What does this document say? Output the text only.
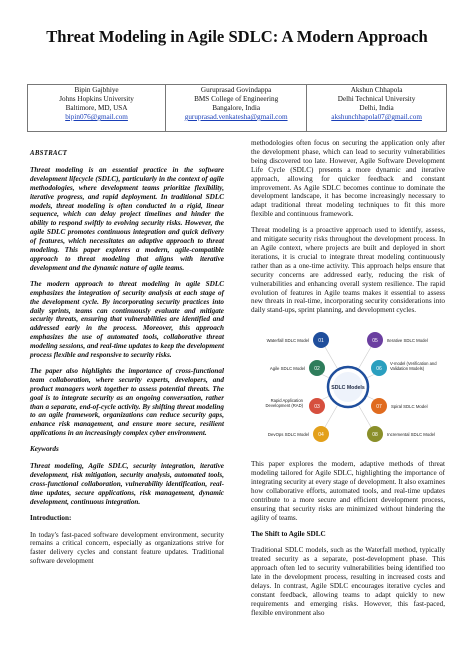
Threat Modeling in Agile SDLC: A Modern Approach
Bipin Gajbhiye
Johns Hopkins University
Baltimore, MD, USA
bipin076@gmail.com

Guruprasad Govindappa
BMS College of Engineering
Bangalore, India
guruprasad.venkatesha@gmail.com

Akshun Chhapola
Delhi Technical University
Delhi, India
akshunchhapola07@gmail.com
ABSTRACT

Threat modeling is an essential practice in the software development lifecycle (SDLC), particularly in the context of agile methodologies, where development teams prioritize flexibility, iterative progress, and rapid deployment. In traditional SDLC models, threat modeling is often conducted in a rigid, linear sequence, which can delay project timelines and hinder the ability to respond swiftly to evolving security risks. However, the agile SDLC promotes continuous integration and quick delivery of features, which necessitates an adaptive approach to threat modeling. This paper explores a modern, agile-compatible approach to threat modeling that aligns with iterative development and the dynamic nature of agile teams.

The modern approach to threat modeling in agile SDLC emphasizes the integration of security analysis at each stage of the development cycle. By incorporating security practices into daily sprints, teams can continuously evaluate and mitigate security threats, ensuring that vulnerabilities are identified and addressed early in the process. Moreover, this approach emphasizes the use of automated tools, collaborative threat modeling sessions, and real-time updates to keep the development process flexible and responsive to security risks.

The paper also highlights the importance of cross-functional team collaboration, where security experts, developers, and product managers work together to assess potential threats. The goal is to integrate security as an ongoing conversation, rather than a separate, end-of-cycle activity. By shifting threat modeling to an agile framework, organizations can reduce security gaps, enhance risk management, and ensure more secure, resilient applications in an increasingly complex cyber environment.

Keywords

Threat modeling, Agile SDLC, security integration, iterative development, risk mitigation, security analysis, automated tools, cross-functional collaboration, vulnerability identification, real-time updates, secure applications, risk management, dynamic development, continuous integration.

Introduction:

In today's fast-paced software development environment, security remains a critical concern, especially as organizations strive for faster delivery cycles and constant feature updates. Traditional software development

methodologies often focus on securing the application only after the development phase, which can lead to security vulnerabilities being discovered too late. However, Agile Software Development Life Cycle (SDLC) presents a more dynamic and iterative approach, allowing for quicker feedback and constant improvement. As Agile SDLC becomes continue to dominate the development landscape, it has become increasingly necessary to adapt traditional threat modeling techniques to fit this more flexible and continuous framework.

Threat modeling is a proactive approach used to identify, assess, and mitigate security risks throughout the development process. In an Agile context, where projects are built and deployed in short iterations, it is crucial to integrate threat modeling continuously rather than as a one-time activity. This approach helps ensure that security concerns are addressed early, reducing the risk of vulnerabilities and enhancing overall system resilience. The rapid evolution of features in Agile teams makes it essential to assess new threats in real-time, incorporating security considerations into daily stand-ups, sprint planning, and development cycles.

01
Waterfall SDLC Model
02
Agile SDLC Model
03
Rapid Application Development (RAD)
04
DevOps SDLC Model
05 Iterative SDLC Model
06
V-model (Verification and Validation Models)
07 Spiral SDLC Model
08 Incremental SDLC Model
SDLC Models

This paper explores the modern, adaptive methods of threat modeling tailored for Agile SDLC, highlighting the importance of integrating security at every stage of development. It also examines how collaborative efforts, automated tools, and real-time updates contribute to a more secure and efficient development process, ensuring that security risks are minimized without hindering the agility of teams.

The Shift to Agile SDLC

Traditional SDLC models, such as the Waterfall method, typically treated security as a separate, post-development phase. This approach often led to security vulnerabilities being identified too late in the development process, resulting in increased costs and delays. In contrast, Agile SDLC encourages iterative cycles and constant feedback, allowing teams to adapt quickly to new requirements and emerging risks. However, this fast-paced, flexible environment also
